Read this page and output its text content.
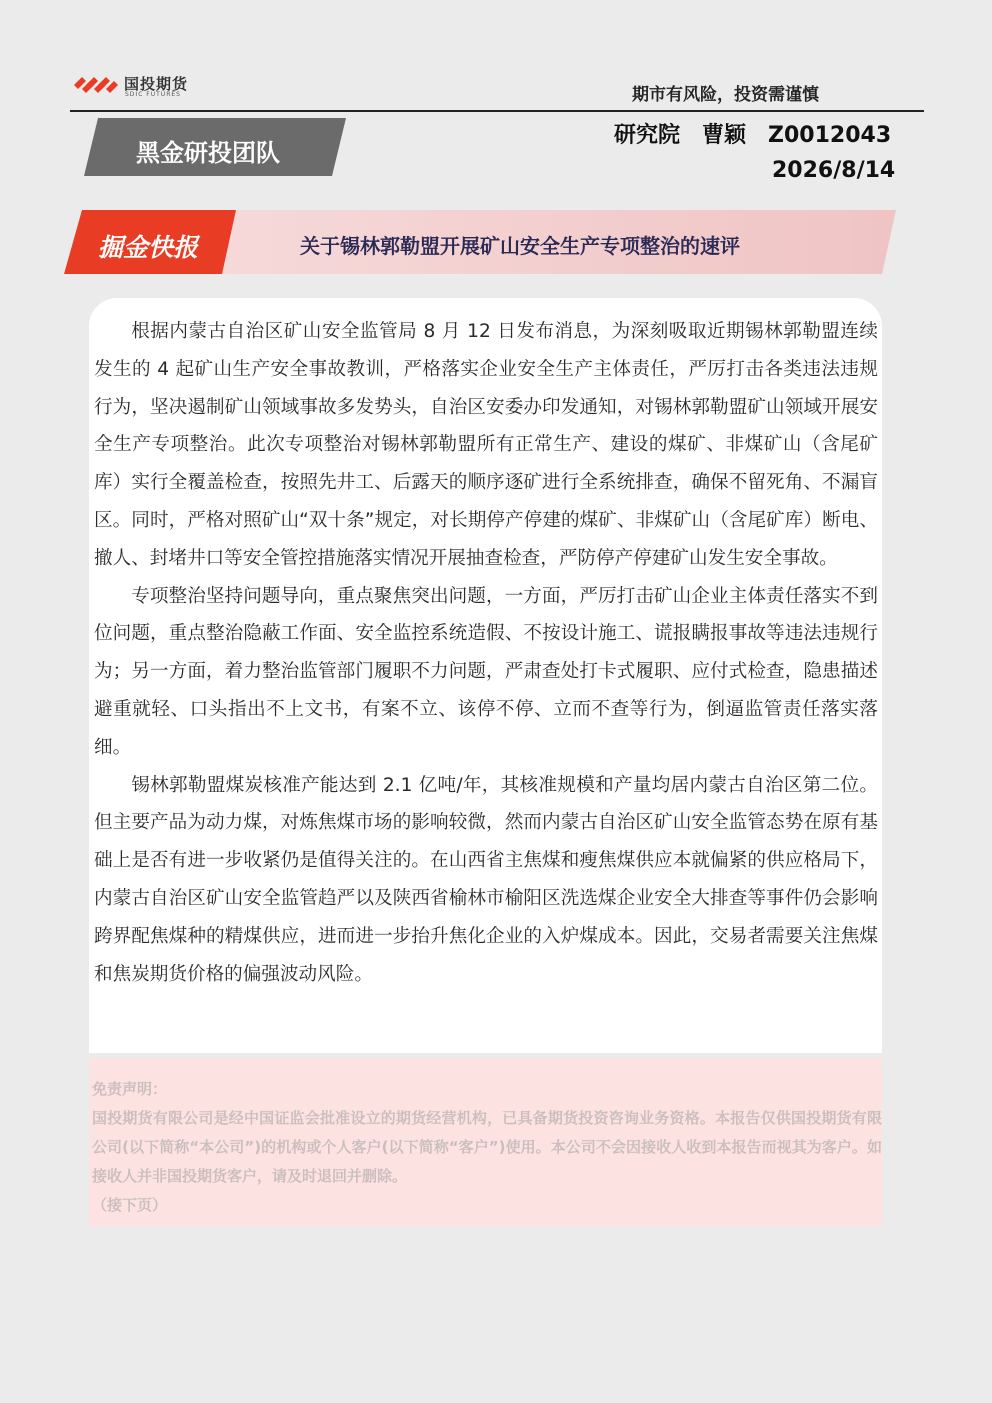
国投期货
SDIC FUTURES	期市有风险，投资需谨慎
黑金研投团队
研究院 曹颖 Z0012043
2026/8/14
掘金快报	关于锡林郭勒盟开展矿山安全生产专项整治的速评

根据内蒙古自治区矿山安全监管局 8 月 12 日发布消息，为深刻吸取近期锡林郭勒盟连续发生的 4 起矿山生产安全事故教训，严格落实企业安全生产主体责任，严厉打击各类违法违规行为，坚决遏制矿山领域事故多发势头，自治区安委办印发通知，对锡林郭勒盟矿山领域开展安全生产专项整治。此次专项整治对锡林郭勒盟所有正常生产、建设的煤矿、非煤矿山（含尾矿库）实行全覆盖检查，按照先井工、后露天的顺序逐矿进行全系统排查，确保不留死角、不漏盲区。同时，严格对照矿山“双十条”规定，对长期停产停建的煤矿、非煤矿山（含尾矿库）断电、撤人、封堵井口等安全管控措施落实情况开展抽查检查，严防停产停建矿山发生安全事故。

专项整治坚持问题导向，重点聚焦突出问题，一方面，严厉打击矿山企业主体责任落实不到位问题，重点整治隐蔽工作面、安全监控系统造假、不按设计施工、谎报瞒报事故等违法违规行为；另一方面，着力整治监管部门履职不力问题，严肃查处打卡式履职、应付式检查，隐患描述避重就轻、口头指出不上文书，有案不立、该停不停、立而不查等行为，倒逼监管责任落实落细。

锡林郭勒盟煤炭核准产能达到 2.1 亿吨/年，其核准规模和产量均居内蒙古自治区第二位。但主要产品为动力煤，对炼焦煤市场的影响较微，然而内蒙古自治区矿山安全监管态势在原有基础上是否有进一步收紧仍是值得关注的。在山西省主焦煤和瘦焦煤供应本就偏紧的供应格局下，内蒙古自治区矿山安全监管趋严以及陕西省榆林市榆阳区洗选煤企业安全大排查等事件仍会影响跨界配焦煤种的精煤供应，进而进一步抬升焦化企业的入炉煤成本。因此，交易者需要关注焦煤和焦炭期货价格的偏强波动风险。

免责声明：
国投期货有限公司是经中国证监会批准设立的期货经营机构，已具备期货投资咨询业务资格。本报告仅供国投期货有限公司(以下简称“本公司”)的机构或个人客户(以下简称“客户”)使用。本公司不会因接收人收到本报告而视其为客户。如接收人并非国投期货客户，请及时退回并删除。
（接下页）
